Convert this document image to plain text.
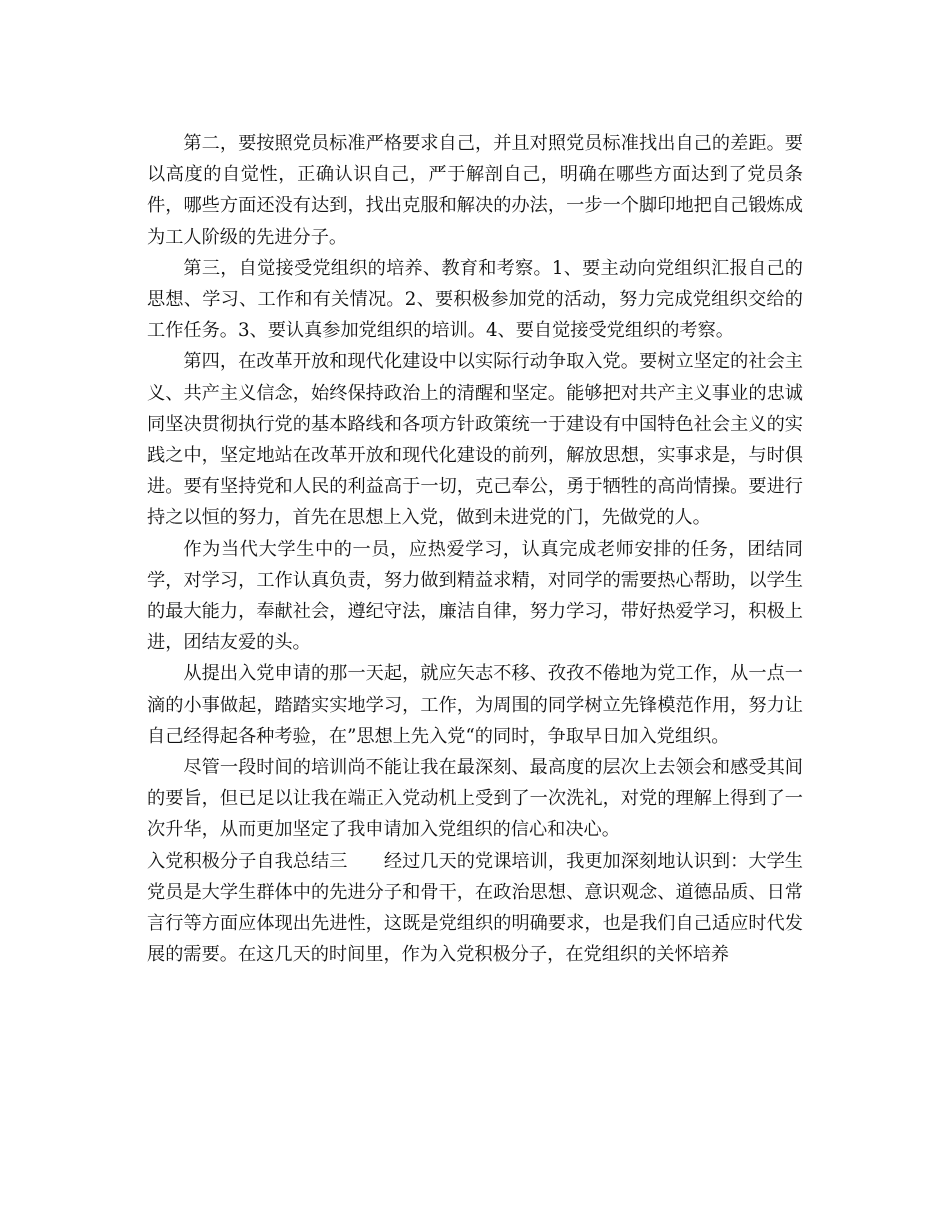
第二，要按照党员标准严格要求自己，并且对照党员标准找出自己的差距。要以高度的自觉性，正确认识自己，严于解剖自己，明确在哪些方面达到了党员条件，哪些方面还没有达到，找出克服和解决的办法，一步一个脚印地把自己锻炼成为工人阶级的先进分子。

第三，自觉接受党组织的培养、教育和考察。1、要主动向党组织汇报自己的思想、学习、工作和有关情况。2、要积极参加党的活动，努力完成党组织交给的工作任务。3、要认真参加党组织的培训。4、要自觉接受党组织的考察。

第四，在改革开放和现代化建设中以实际行动争取入党。要树立坚定的社会主义、共产主义信念，始终保持政治上的清醒和坚定。能够把对共产主义事业的忠诚同坚决贯彻执行党的基本路线和各项方针政策统一于建设有中国特色社会主义的实践之中，坚定地站在改革开放和现代化建设的前列，解放思想，实事求是，与时俱进。要有坚持党和人民的利益高于一切，克己奉公，勇于牺牲的高尚情操。要进行持之以恒的努力，首先在思想上入党，做到未进党的门，先做党的人。

作为当代大学生中的一员，应热爱学习，认真完成老师安排的任务，团结同学，对学习，工作认真负责，努力做到精益求精，对同学的需要热心帮助，以学生的最大能力，奉献社会，遵纪守法，廉洁自律，努力学习，带好热爱学习，积极上进，团结友爱的头。

从提出入党申请的那一天起，就应矢志不移、孜孜不倦地为党工作，从一点一滴的小事做起，踏踏实实地学习，工作，为周围的同学树立先锋模范作用，努力让自己经得起各种考验，在”思想上先入党“的同时，争取早日加入党组织。

尽管一段时间的培训尚不能让我在最深刻、最高度的层次上去领会和感受其间的要旨，但已足以让我在端正入党动机上受到了一次洗礼，对党的理解上得到了一次升华，从而更加坚定了我申请加入党组织的信心和决心。

入党积极分子自我总结三 经过几天的党课培训，我更加深刻地认识到：大学生党员是大学生群体中的先进分子和骨干，在政治思想、意识观念、道德品质、日常言行等方面应体现出先进性，这既是党组织的明确要求，也是我们自己适应时代发展的需要。在这几天的时间里，作为入党积极分子，在党组织的关怀培养
